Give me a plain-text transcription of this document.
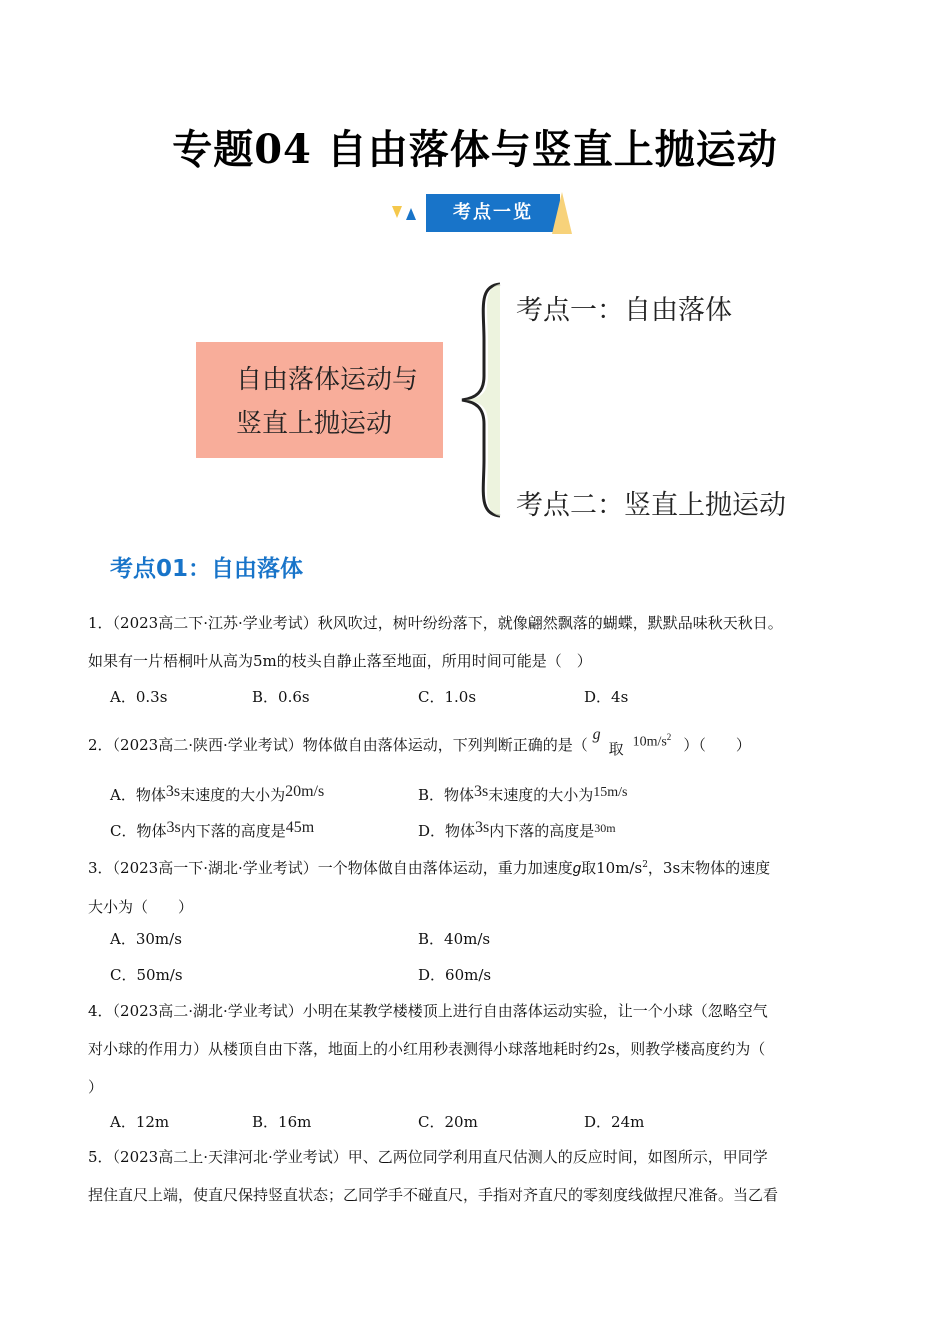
专题04 自由落体与竖直上抛运动
考点一览
自由落体运动与
竖直上抛运动
考点一：自由落体
考点二：竖直上抛运动
考点01：自由落体
1．（2023高二下·江苏·学业考试）秋风吹过，树叶纷纷落下，就像翩然飘落的蝴蝶，默默品味秋天秋日。
如果有一片梧桐叶从高为5m的枝头自静止落至地面，所用时间可能是（　）
A．0.3s	B．0.6s	C．1.0s	D．4s
2．（2023高二·陕西·学业考试）物体做自由落体运动，下列判断正确的是（
g
取 $10m/s^2$ ）（　　）
A．物体3s末速度的大小为20m/s	B．物体3s末速度的大小为15m/s
C．物体3s内下落的高度是45m	D．物体3s内下落的高度是$^{30m}$
3．（2023高一下·湖北·学业考试）一个物体做自由落体运动，重力加速度g取$10m/s^2$，3s末物体的速度
大小为（　　）
A．30m/s	B．40m/s
C．50m/s	D．60m/s
4．（2023高二·湖北·学业考试）小明在某教学楼楼顶上进行自由落体运动实验，让一个小球（忽略空气
对小球的作用力）从楼顶自由下落，地面上的小红用秒表测得小球落地耗时约2s，则教学楼高度约为（
）
A．12m	B．16m	C．20m	D．24m
5．（2023高二上·天津河北·学业考试）甲、乙两位同学利用直尺估测人的反应时间，如图所示，甲同学
捏住直尺上端，使直尺保持竖直状态；乙同学手不碰直尺，手指对齐直尺的零刻度线做捏尺准备。当乙看
